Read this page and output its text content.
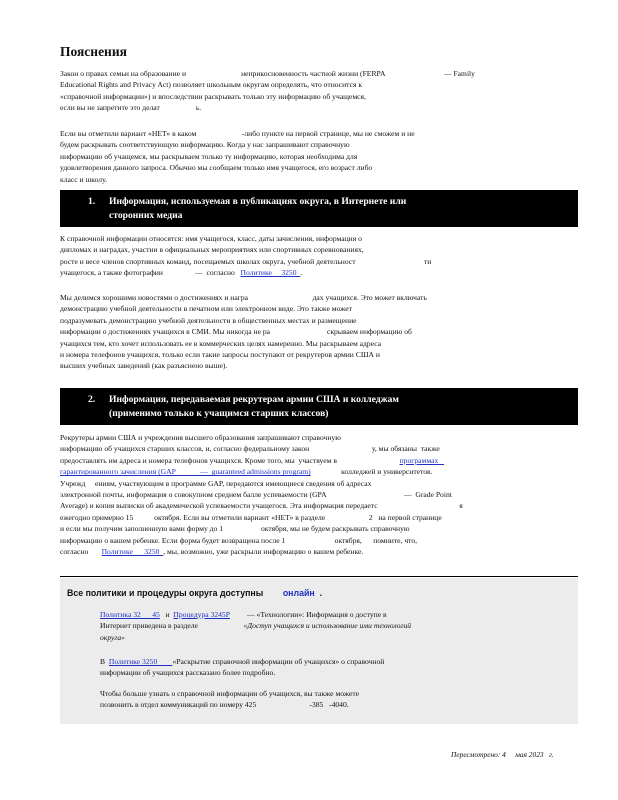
Пояснения
Закон о правах семьи на образование и                             неприкосновенность частной жизни (FERPA                               — Family
Educational Rights and Privacy Act) позволяет школьным округам определять, что относится к
«справочной информации») и впоследствии раскрывать только эту информацию об учащемся,
если вы не запретите это делат                   ь.
Если вы отметили вариант «НЕТ» в каком                        -либо пункте на первой странице, мы не сможем и не
будем раскрывать соответствующую информацию. Когда у нас запрашивают справочную
информацию об учащемся, мы раскрываем только ту информацию, которая необходима для
удовлетворения данного запроса. Обычно мы сообщаем только имя учащегося, его возраст либо
класс и школу.
1. Информация, используемая в публикациях округа, в Интернете или
сторонних медиа
К справочной информации относятся: имя учащегося, класс, даты зачисления, информация о
дипломах и наградах, участии в официальных мероприятиях или спортивных соревнованиях,
росте и весе членов спортивных команд, посещаемых школах округа, учебной деятельност                                    ти
учащегося, а также фотографии                 —  согласно   Политике     3250  .
Мы делимся хорошими новостями о достижениях и награ                                  дах учащихся. Это может включать
демонстрацию учебной деятельности в печатном или электронном виде. Это также может
подразумевать демонстрацию учебной деятельности в общественных местах и размещение
информации о достижениях учащихся в СМИ. Мы никогда не ра                              скрываем информацию об
учащихся тем, кто хочет использовать ее в коммерческих целях намеренно. Мы раскрываем адреса
и номера телефонов учащихся, только если такие запросы поступают от рекрутеров армии США и
высших учебных заведений (как разъяснено выше).
2. Информация, передаваемая рекрутерам армии США и колледжам
(применимо только к учащимся старших классов)
Рекрутеры армии США и учреждения высшего образования запрашивают справочную
информацию об учащихся старших классов, и, согласно федеральному закон                                 у, мы обязаны  также
предоставлять им адреса и номера телефонов учащихся. Кроме того, мы  участвуем в                                 программах
гарантированного зачисления (GAP             —  guaranteed admissions program)                колледжей и университетов.
Учрежд     ениям, участвующим в программе GAP, передаются имеющиеся сведения об адресах
электронной почты, информация о совокупном среднем балле успеваемости (GPA                                         —  Grade Point
Average) и копия выписки об академической успеваемости учащегося. Эта информация передаетс                                           я
ежегодно примерно 15           октября. Если вы отметили вариант «НЕТ» в разделе                       2   на первой странице
и если мы получим заполненную вами форму до 1                    октября, мы не будем раскрывать справочную
информацию о вашем ребенке. Если форма будет возвращена после 1                          октября,      помните, что,
согласно       Политике      3250  , мы, возможно, уже раскрыли информацию о вашем ребенке.
Все политики и процедуры округа доступны        онлайн  .
Политика 32      45   и  Процедура 3245Р         — «Технологии»: Информация о доступе в
Интернет приведена в разделе                        «Доступ учащихся и использование ими технологий
округа»
В  Политике 3250        «Раскрытие справочной информации об учащихся» о справочной
информации об учащихся рассказано более подробно.
Чтобы больше узнать о справочной информации об учащихся, вы также можете
позвонить в отдел коммуникаций по номеру 425                            -385   -4040.
Пересмотрено: 4     мая 2023   г.
